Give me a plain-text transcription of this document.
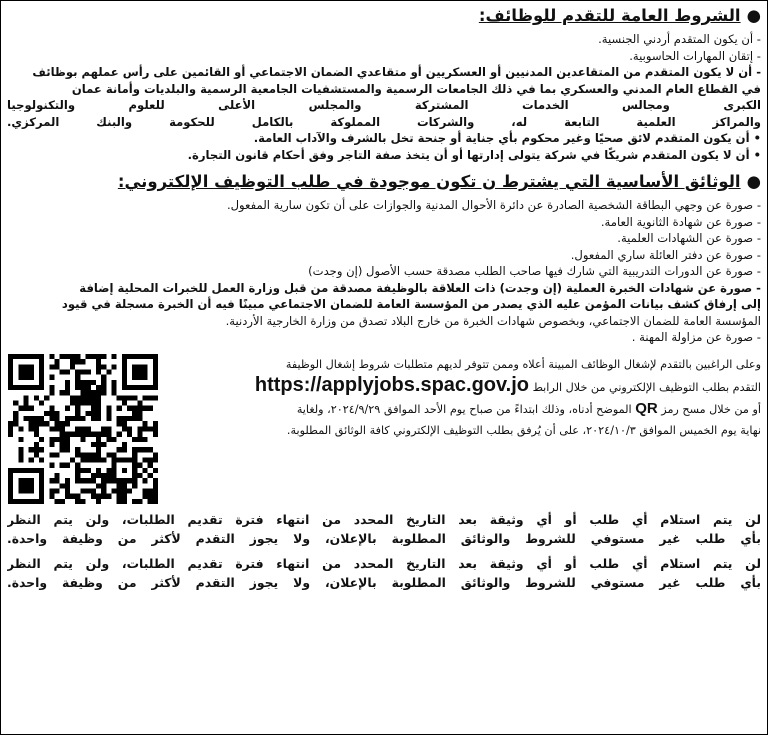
●الشروط العامة للتقدم للوظائف:
- أن يكون المتقدم أردني الجنسية.
- إتقان المهارات الحاسوبية.
- أن لا يكون المتقدم من المتقاعدين المدنيين أو العسكريين أو متقاعدي الضمان الاجتماعي أو القائمين على رأس عملهم بوظائف
في القطاع العام المدني والعسكري بما في ذلك الجامعات الرسمية والمستشفيات الجامعية الرسمية والبلديات وأمانة عمان
الكبرى ومجالس الخدمات المشتركة والمجلس الأعلى للعلوم والتكنولوجيا
والمراكز العلمية التابعة له، والشركات المملوكة بالكامل للحكومة والبنك المركزي.
• أن يكون المتقدم لائق صحيًا وغير محكوم بأي جناية أو جنحة تخل بالشرف والآداب العامة.
• أن لا يكون المتقدم شريكًا في شركة يتولى إدارتها أو أن يتخذ صفة التاجر وفق أحكام قانون التجارة.
●الوثائق الأساسية التي يشترط ن تكون موجودة في طلب التوظيف الإلكتروني:
- صورة عن وجهي البطاقة الشخصية الصادرة عن دائرة الأحوال المدنية والجوازات على أن تكون سارية المفعول.
- صورة عن شهادة الثانوية العامة.
- صورة عن الشهادات العلمية.
- صورة عن دفتر العائلة ساري المفعول.
- صورة عن الدورات التدريبية التي شارك فيها صاحب الطلب مصدقة حسب الأصول (إن وجدت)
- صورة عن شهادات الخبرة العملية (إن وجدت) ذات العلاقة بالوظيفة مصدقة من قبل وزارة العمل للخبرات المحلية إضافة
إلى إرفاق كشف بيانات المؤمن عليه الذي يصدر من المؤسسة العامة للضمان الاجتماعي مبينًا فيه أن الخبرة مسجلة في قيود
المؤسسة العامة للضمان الاجتماعي، وبخصوص شهادات الخبرة من خارج البلاد تصدق من وزارة الخارجية الأردنية.
- صورة عن مزاولة المهنة .
وعلى الراغبين بالتقدم لإشغال الوظائف المبينة أعلاه وممن تتوفر لديهم متطلبات شروط إشغال الوظيفة
التقدم بطلب التوظيف الإلكتروني من خلال الرابط https://applyjobs.spac.gov.jo
أو من خلال مسح رمز QR الموضح أدناه، وذلك ابتداءً من صباح يوم الأحد الموافق ٢٠٢٤/٩/٢٩، ولغاية
نهاية يوم الخميس الموافق ٢٠٢٤/١٠/٣، على أن يُرفق بطلب التوظيف الإلكتروني كافة الوثائق المطلوبة.
لن يتم استلام أي طلب أو أي وثيقة بعد التاريخ المحدد من انتهاء فترة تقديم الطلبات، ولن يتم النظر
بأي طلب غير مستوفي للشروط والوثائق المطلوبة بالإعلان، ولا يجوز التقدم لأكثر من وظيفة واحدة.
لن يتم استلام أي طلب أو أي وثيقة بعد التاريخ المحدد من انتهاء فترة تقديم الطلبات، ولن يتم النظر
بأي طلب غير مستوفي للشروط والوثائق المطلوبة بالإعلان، ولا يجوز التقدم لأكثر من وظيفة واحدة.
